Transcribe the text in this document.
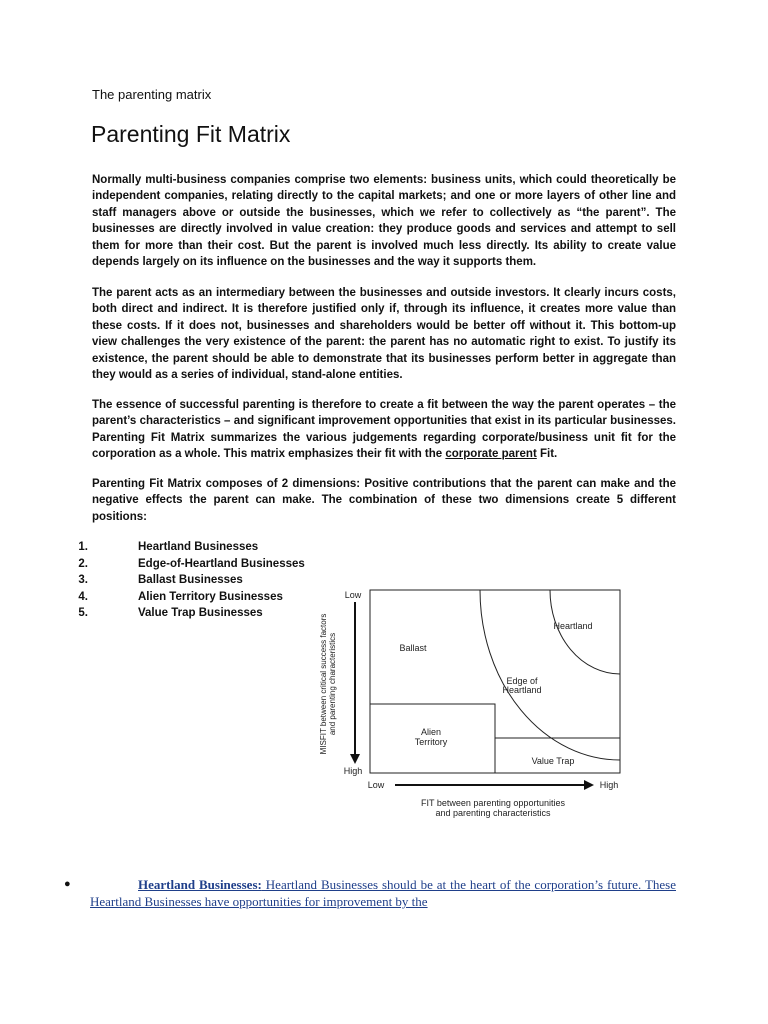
The parenting matrix
Parenting Fit Matrix

Normally multi-business companies comprise two elements: business units, which could theoretically be independent companies, relating directly to the capital markets; and one or more layers of other line and staff managers above or outside the businesses, which we refer to collectively as “the parent”. The businesses are directly involved in value creation: they produce goods and services and attempt to sell them for more than their cost. But the parent is involved much less directly. Its ability to create value depends largely on its influence on the businesses and the way it supports them.

The parent acts as an intermediary between the businesses and outside investors. It clearly incurs costs, both direct and indirect. It is therefore justified only if, through its influence, it creates more value than these costs. If it does not, businesses and shareholders would be better off without it. This bottom-up view challenges the very existence of the parent: the parent has no automatic right to exist. To justify its existence, the parent should be able to demonstrate that its businesses perform better in aggregate than they would as a series of individual, stand-alone entities.

The essence of successful parenting is therefore to create a fit between the way the parent operates – the parent’s characteristics – and significant improvement opportunities that exist in its particular businesses. Parenting Fit Matrix summarizes the various judgements regarding corporate/business unit fit for the corporation as a whole. This matrix emphasizes their fit with the corporate parent Fit.

Parenting Fit Matrix composes of 2 dimensions: Positive contributions that the parent can make and the negative effects the parent can make. The combination of these two dimensions create 5 different positions:

1.	Heartland Businesses
2.	Edge-of-Heartland Businesses
3.	Ballast Businesses
4.	Alien Territory Businesses
5.	Value Trap Businesses
Heartland
Ballast
Edge of
Heartland
Alien
Territory
Value Trap
Low
High
MISFIT between critical success factors and parenting characteristics
Low	High
FIT between parenting opportunities
and parenting characteristics
●	Heartland Businesses: Heartland Businesses should be at the heart of the corporation’s future. These Heartland Businesses have opportunities for improvement by the
